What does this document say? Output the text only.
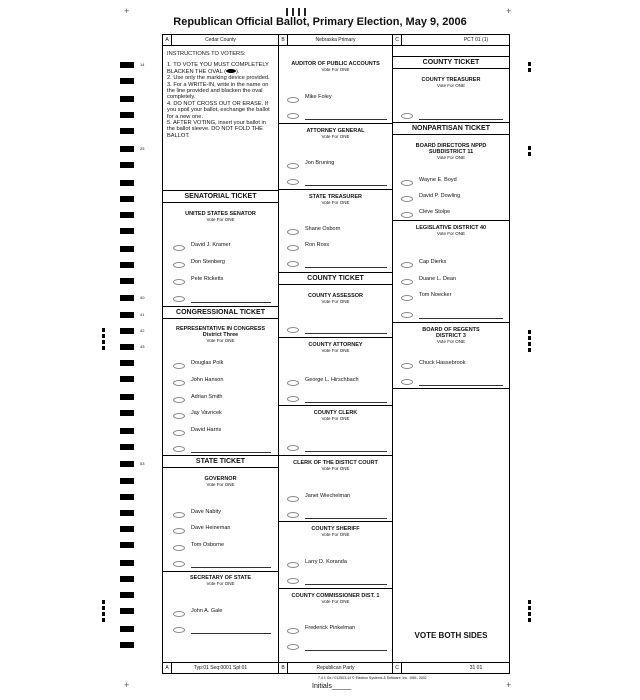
Republican Official Ballot, Primary Election, May 9, 2006
+	+
+	+
14
25
40
41
42
43
53
A	Cedar County
INSTRUCTIONS TO VOTERS:
1. TO VOTE YOU MUST COMPLETELY BLACKEN THE OVAL ( ).
2. Use only the marking device provided.
3. For a WRITE-IN, write in the name on the line provided and blacken the oval completely.
4. DO NOT CROSS OUT OR ERASE. If you spoil your ballot, exchange the ballot for a new one.
5. AFTER VOTING, insert your ballot in the ballot sleeve. DO NOT FOLD THE BALLOT.
SENATORIAL TICKET
UNITED STATES SENATOR
Vote For ONE
David J. Kramer
Don Stenberg
Pete Ricketts
CONGRESSIONAL TICKET
REPRESENTATIVE IN CONGRESS
District Three
Vote For ONE
Douglas Polk
John Hanson
Adrian Smith
Jay Vavricek
David Harris
STATE TICKET
GOVERNOR
Vote For ONE
Dave Nabity
Dave Heineman
Tom Osborne
SECRETARY OF STATE
Vote For ONE
John A. Gale
A	Typ:01 Seq:0001 Spl:01
B	Nebraska Primary
AUDITOR OF PUBLIC ACCOUNTS
Vote For ONE
Mike Foley
ATTORNEY GENERAL
Vote For ONE
Jon Bruning
STATE TREASURER
Vote For ONE
Shane Osborn
Ron Ross
COUNTY TICKET
COUNTY ASSESSOR
Vote For ONE
COUNTY ATTORNEY
Vote For ONE
George L. Hirschbach
COUNTY CLERK
Vote For ONE
CLERK OF THE DISTICT COURT
Vote For ONE
Janet Wiechelman
COUNTY SHERIFF
Vote For ONE
Larry D. Koranda
COUNTY COMMISSIONER DIST. 1
Vote For ONE
Frederick Pinkelman
B	Republican Party
C	PCT 01 (1)
COUNTY TICKET
COUNTY TREASURER
Vote For ONE
NONPARTISAN TICKET
BOARD DIRECTORS NPPD
SUBDISTRICT 11
Vote For ONE
Wayne E. Boyd
David P. Dowling
Cleve Stolpe
LEGISLATIVE DISTRICT 40
Vote For ONE
Cap Dierks
Duane L. Dean
Tom Noecker
BOARD OF REGENTS
DISTRICT 3
Vote For ONE
Chuck Hassebrook
VOTE BOTH SIDES
C	31 01
7.4.1 Ge / 012503-14 © Election Systems & Software, Inc. 1981, 2002
Initials_____
